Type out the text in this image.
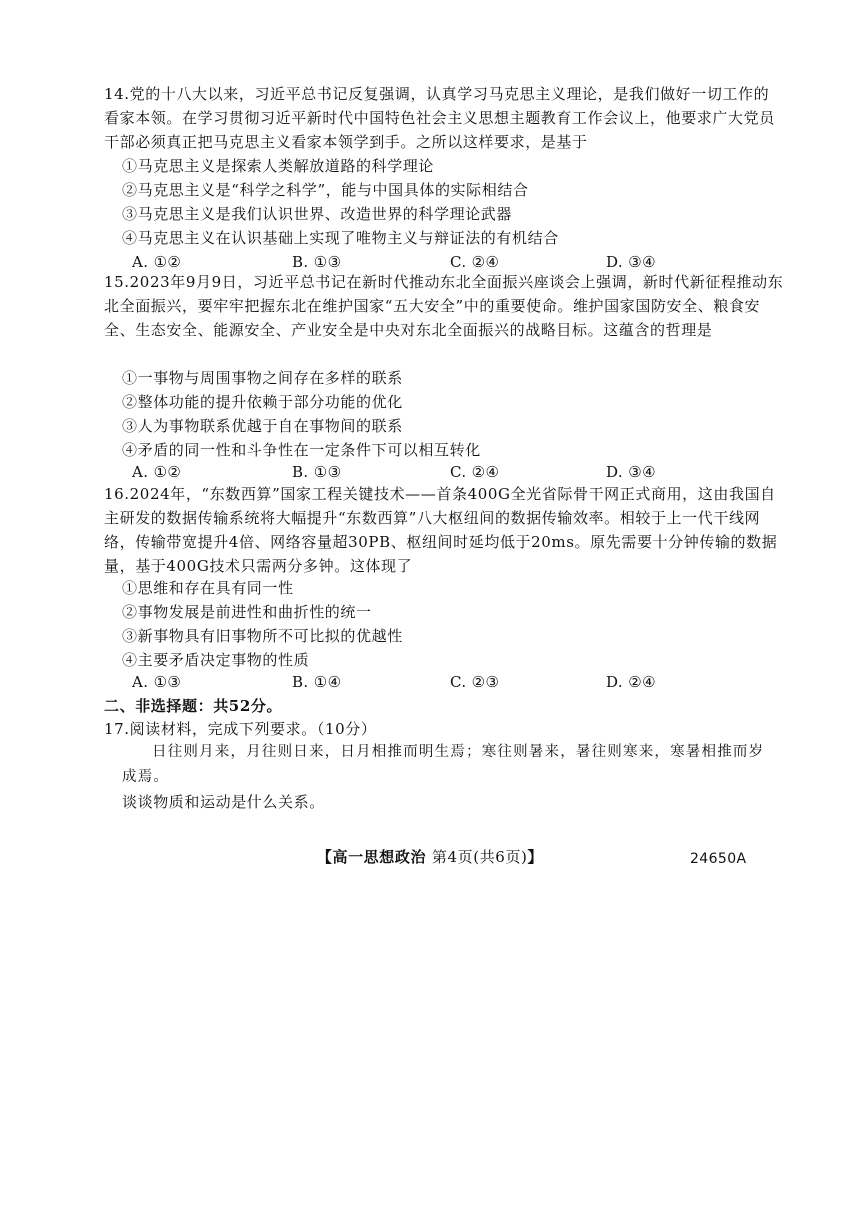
14.党的十八大以来，习近平总书记反复强调，认真学习马克思主义理论，是我们做好一切工作的看家本领。在学习贯彻习近平新时代中国特色社会主义思想主题教育工作会议上，他要求广大党员干部必须真正把马克思主义看家本领学到手。之所以这样要求，是基于

①马克思主义是探索人类解放道路的科学理论
②马克思主义是“科学之科学”，能与中国具体的实际相结合
③马克思主义是我们认识世界、改造世界的科学理论武器
④马克思主义在认识基础上实现了唯物主义与辩证法的有机结合
A. ①②	B. ①③	C. ②④	D. ③④

15.2023年9月9日，习近平总书记在新时代推动东北全面振兴座谈会上强调，新时代新征程推动东北全面振兴，要牢牢把握东北在维护国家“五大安全”中的重要使命。维护国家国防安全、粮食安全、生态安全、能源安全、产业安全是中央对东北全面振兴的战略目标。这蕴含的哲理是

①一事物与周围事物之间存在多样的联系
②整体功能的提升依赖于部分功能的优化
③人为事物联系优越于自在事物间的联系
④矛盾的同一性和斗争性在一定条件下可以相互转化
A. ①②	B. ①③	C. ②④	D. ③④

16.2024年，“东数西算”国家工程关键技术——首条400G全光省际骨干网正式商用，这由我国自主研发的数据传输系统将大幅提升“东数西算”八大枢纽间的数据传输效率。相较于上一代干线网络，传输带宽提升4倍、网络容量超30PB、枢纽间时延均低于20ms。原先需要十分钟传输的数据量，基于400G技术只需两分多钟。这体现了

①思维和存在具有同一性
②事物发展是前进性和曲折性的统一
③新事物具有旧事物所不可比拟的优越性
④主要矛盾决定事物的性质
A. ①③	B. ①④	C. ②③	D. ②④
二、非选择题：共52分。
17.阅读材料，完成下列要求。（10分）

日往则月来，月往则日来，日月相推而明生焉；寒往则暑来，暑往则寒来，寒暑相推而岁成焉。

谈谈物质和运动是什么关系。
【高一思想政治 第4页(共6页)】	24650A
